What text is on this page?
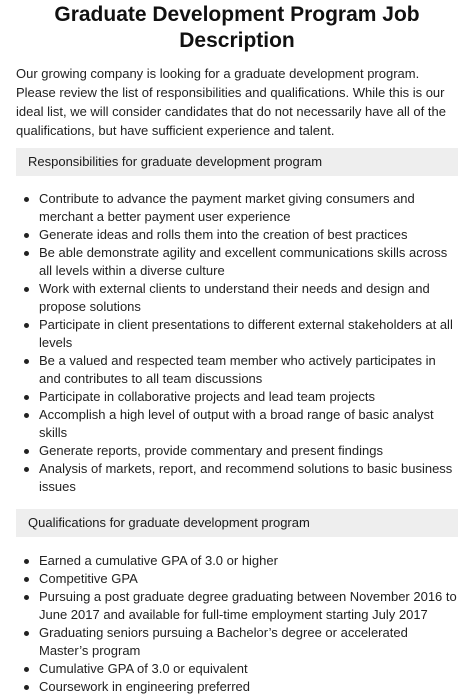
Graduate Development Program Job Description

Our growing company is looking for a graduate development program. Please review the list of responsibilities and qualifications. While this is our ideal list, we will consider candidates that do not necessarily have all of the qualifications, but have sufficient experience and talent.

Responsibilities for graduate development program
Contribute to advance the payment market giving consumers and merchant a better payment user experience
Generate ideas and rolls them into the creation of best practices
Be able demonstrate agility and excellent communications skills across all levels within a diverse culture
Work with external clients to understand their needs and design and propose solutions
Participate in client presentations to different external stakeholders at all levels
Be a valued and respected team member who actively participates in and contributes to all team discussions
Participate in collaborative projects and lead team projects
Accomplish a high level of output with a broad range of basic analyst skills
Generate reports, provide commentary and present findings
Analysis of markets, report, and recommend solutions to basic business issues
Qualifications for graduate development program
Earned a cumulative GPA of 3.0 or higher
Competitive GPA
Pursuing a post graduate degree graduating between November 2016 to June 2017 and available for full-time employment starting July 2017
Graduating seniors pursuing a Bachelor’s degree or accelerated Master’s program
Cumulative GPA of 3.0 or equivalent
Coursework in engineering preferred
